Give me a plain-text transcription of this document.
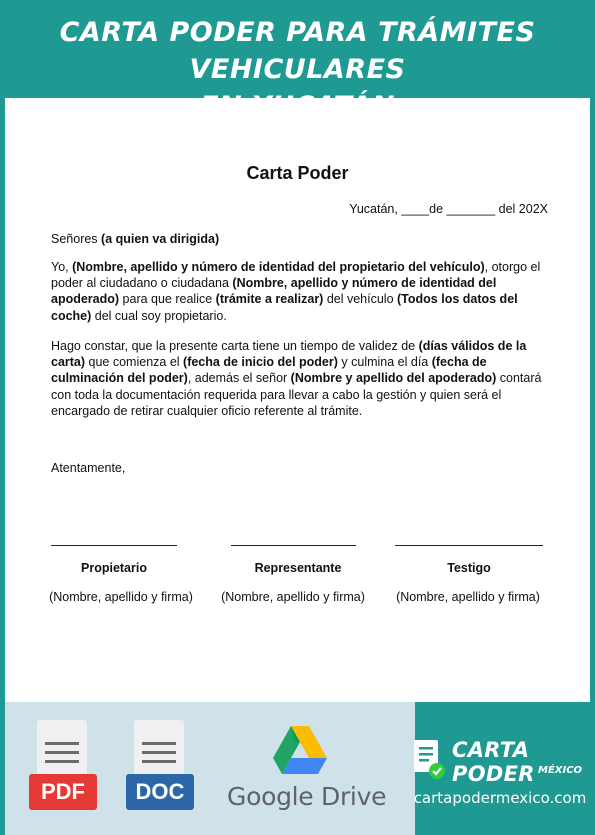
CARTA PODER PARA TRÁMITES VEHICULARES
Carta Poder
Yucatán, ____de _______ del 202X
Señores (a quien va dirigida)
Yo, (Nombre, apellido y número de identidad del propietario del vehículo), otorgo el poder al ciudadano o ciudadana (Nombre, apellido y número de identidad del apoderado) para que realice (trámite a realizar) del vehículo (Todos los datos del coche) del cual soy propietario.
Hago constar, que la presente carta tiene un tiempo de validez de (días válidos de la carta) que comienza el (fecha de inicio del poder) y culmina el día (fecha de culminación del poder), además el señor (Nombre y apellido del apoderado) contará con toda la documentación requerida para llevar a cabo la gestión y quien será el encargado de retirar cualquier oficio referente al trámite.
Atentamente,
Propietario	Representante	Testigo
(Nombre, apellido y firma) (Nombre, apellido y firma) (Nombre, apellido y firma)
PDF	DOC	Google Drive
CARTA PODER MÉXICO
cartapodermexico.com
